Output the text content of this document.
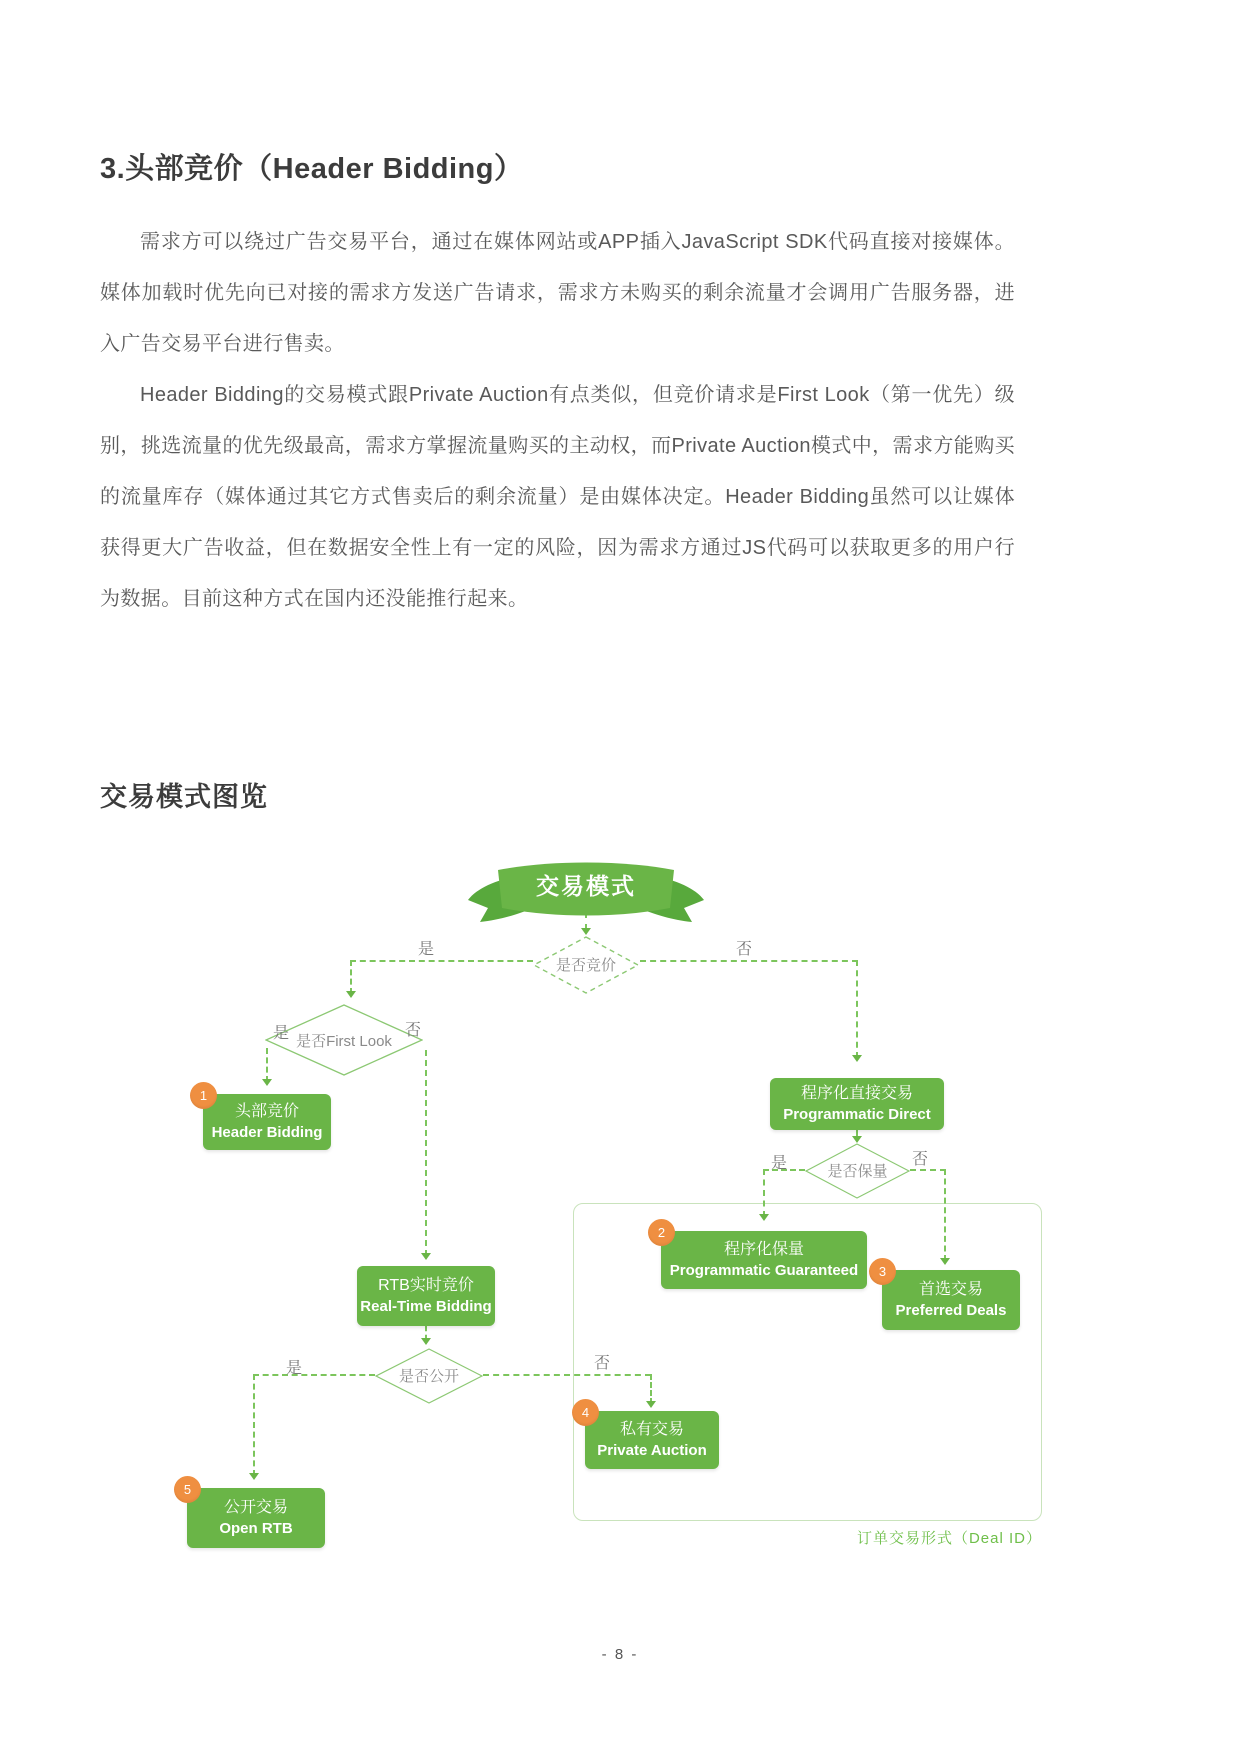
3.头部竞价（Header Bidding）

需求方可以绕过广告交易平台，通过在媒体网站或APP插入JavaScript SDK代码直接对接媒体。媒体加载时优先向已对接的需求方发送广告请求，需求方未购买的剩余流量才会调用广告服务器，进入广告交易平台进行售卖。

Header Bidding的交易模式跟Private Auction有点类似，但竞价请求是First Look（第一优先）级别，挑选流量的优先级最高，需求方掌握流量购买的主动权，而Private Auction模式中，需求方能购买的流量库存（媒体通过其它方式售卖后的剩余流量）是由媒体决定。Header Bidding虽然可以让媒体获得更大广告收益，但在数据安全性上有一定的风险，因为需求方通过JS代码可以获取更多的用户行为数据。目前这种方式在国内还没能推行起来。

交易模式图览
订单交易形式（Deal ID）
交易模式
是否竞价
是	否
是否First Look
是	否
头部竞价
Header Bidding
1
RTB实时竞价
Real-Time Bidding
是否公开
是	否
公开交易
Open RTB
5
私有交易
Private Auction
4
程序化直接交易
Programmatic Direct
是否保量
是	否
程序化保量
Programmatic Guaranteed
2
首选交易
Preferred Deals
3
- 8 -
